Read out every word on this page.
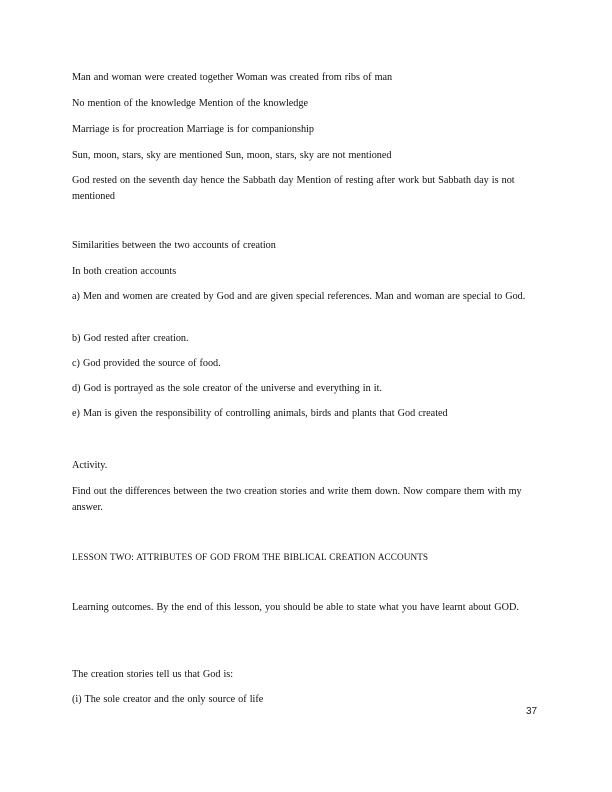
Man and woman were created together Woman was created from ribs of man

No mention of the knowledge Mention of the knowledge

Marriage is for procreation Marriage is for companionship

Sun, moon, stars, sky are mentioned Sun, moon, stars, sky are not mentioned

God rested on the seventh day hence the Sabbath day Mention of resting after work but Sabbath day is not mentioned

Similarities between the two accounts of creation

In both creation accounts

a) Men and women are created by God and are given special references. Man and woman are special to God.

b) God rested after creation.

c) God provided the source of food.

d) God is portrayed as the sole creator of the universe and everything in it.

e) Man is given the responsibility of controlling animals, birds and plants that God created

Activity.

Find out the differences between the two creation stories and write them down. Now compare them with my answer.

LESSON TWO: ATTRIBUTES OF GOD FROM THE BIBLICAL CREATION ACCOUNTS

Learning outcomes. By the end of this lesson, you should be able to state what you have learnt about GOD.

The creation stories tell us that God is:

(i) The sole creator and the only source of life

37
